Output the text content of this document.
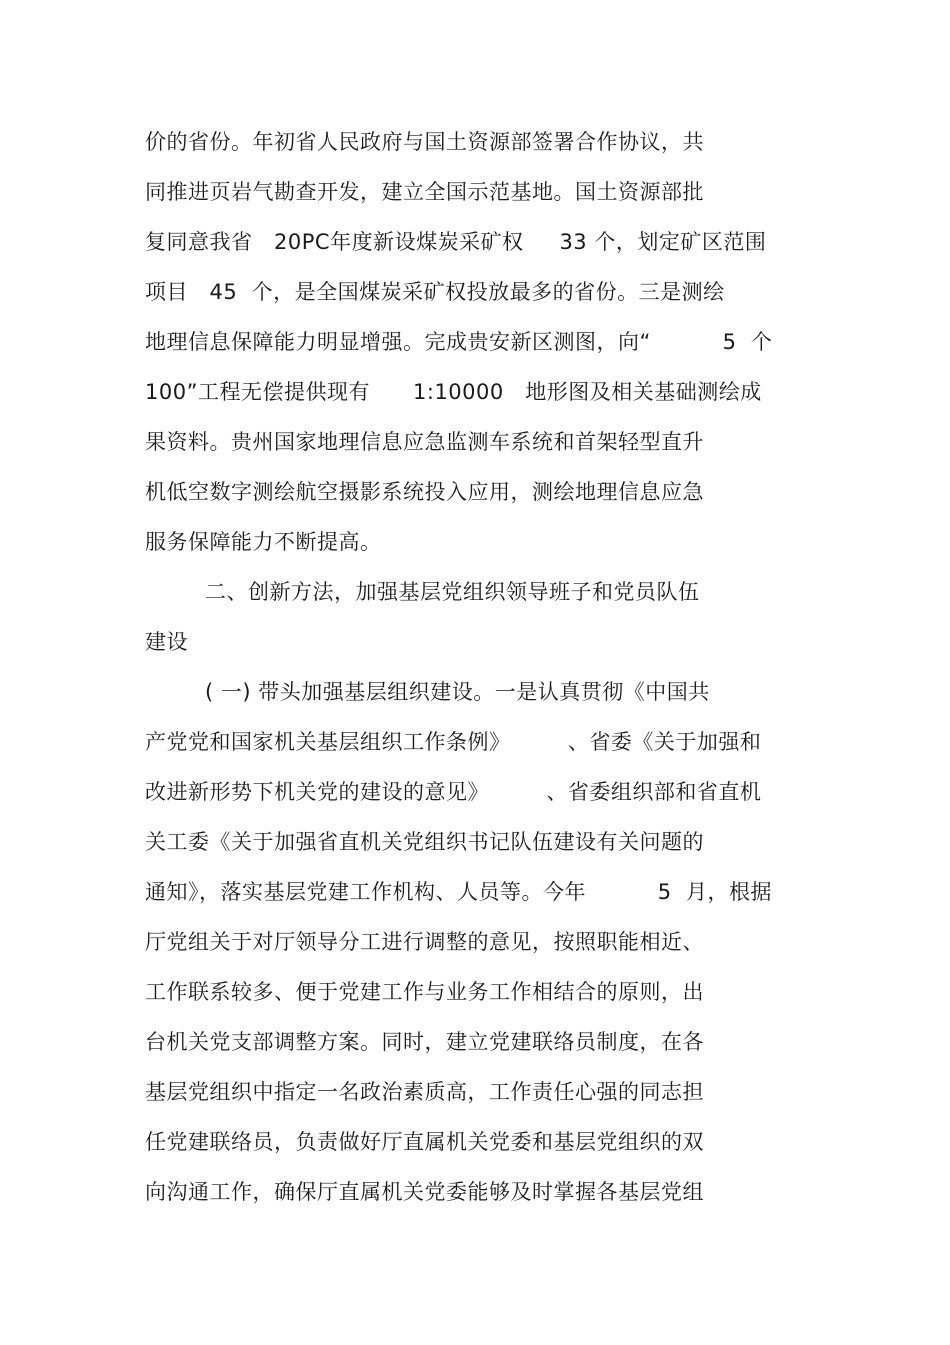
价的省份。年初省人民政府与国土资源部签署合作协议，共
同推进页岩气勘查开发，建立全国示范基地。国土资源部批
复同意我省   20PC年度新设煤炭采矿权     33 个，划定矿区范围
项目   45  个，是全国煤炭采矿权投放最多的省份。三是测绘
地理信息保障能力明显增强。完成贵安新区测图，向“          5  个
100”工程无偿提供现有      1:10000   地形图及相关基础测绘成
果资料。贵州国家地理信息应急监测车系统和首架轻型直升
机低空数字测绘航空摄影系统投入应用，测绘地理信息应急
服务保障能力不断提高。
二、创新方法，加强基层党组织领导班子和党员队伍
建设
( 一) 带头加强基层组织建设。一是认真贯彻《中国共
产党党和国家机关基层组织工作条例》        、省委《关于加强和
改进新形势下机关党的建设的意见》        、省委组织部和省直机
关工委《关于加强省直机关党组织书记队伍建设有关问题的
通知》，落实基层党建工作机构、人员等。今年          5  月，根据
厅党组关于对厅领导分工进行调整的意见，按照职能相近、
工作联系较多、便于党建工作与业务工作相结合的原则，出
台机关党支部调整方案。同时，建立党建联络员制度，在各
基层党组织中指定一名政治素质高，工作责任心强的同志担
任党建联络员，负责做好厅直属机关党委和基层党组织的双
向沟通工作，确保厅直属机关党委能够及时掌握各基层党组
